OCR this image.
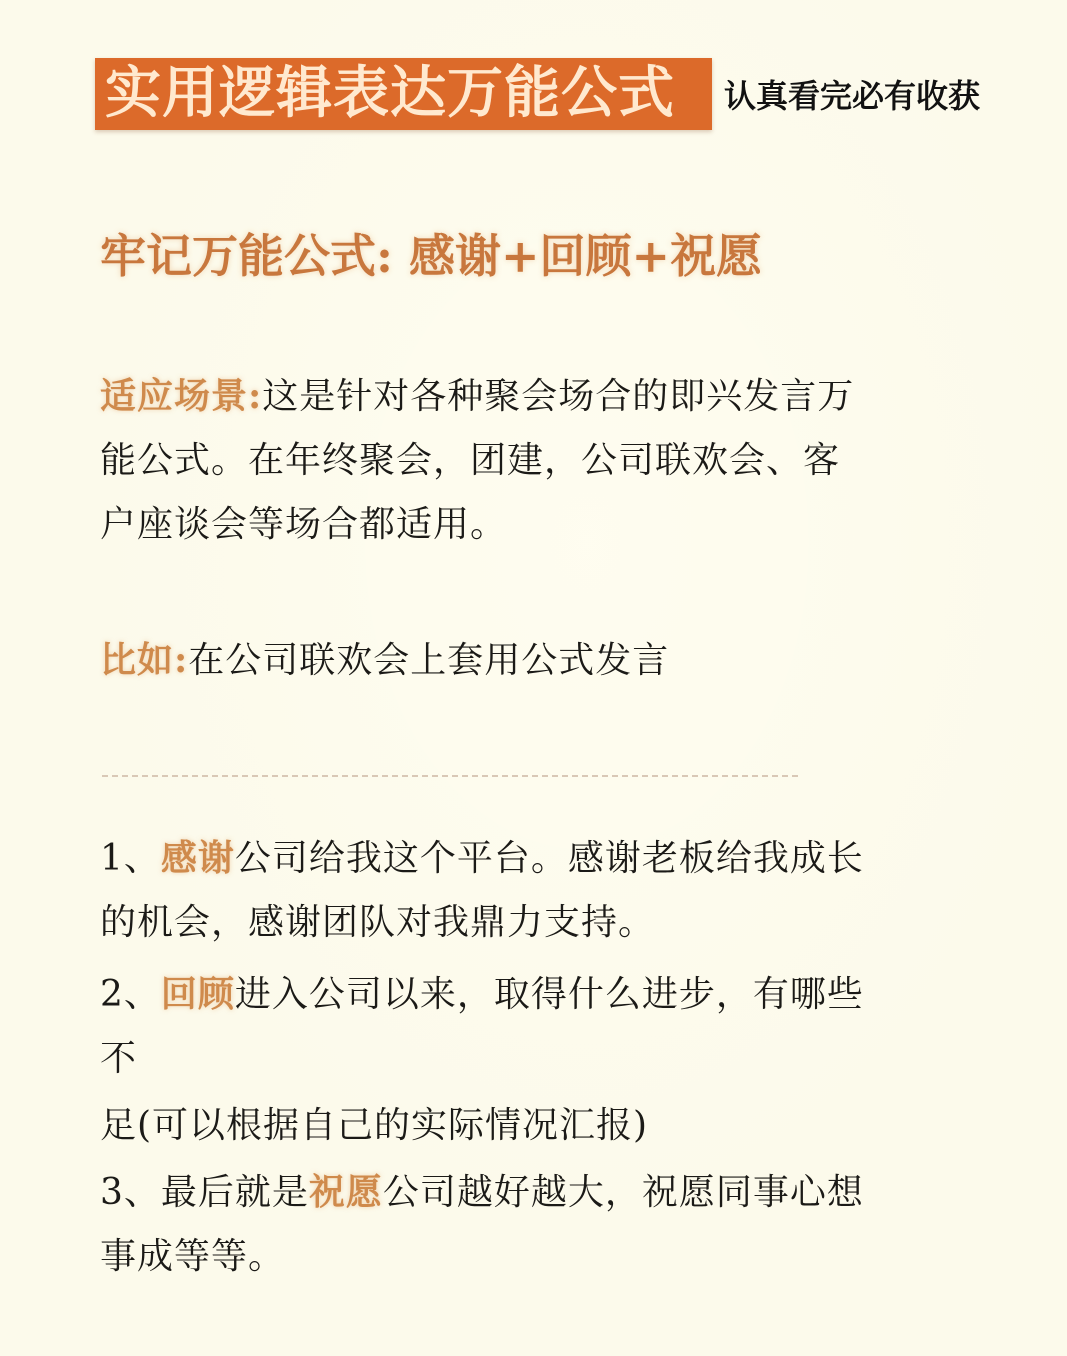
实用逻辑表达万能公式 认真看完必有收获
牢记万能公式: 感谢+回顾+祝愿
适应场景:这是针对各种聚会场合的即兴发言万
能公式。在年终聚会，团建，公司联欢会、客
户座谈会等场合都适用。
比如:在公司联欢会上套用公式发言
1、感谢公司给我这个平台。感谢老板给我成长
的机会，感谢团队对我鼎力支持。
2、回顾进入公司以来，取得什么进步，有哪些
不
足(可以根据自己的实际情况汇报)
3、最后就是祝愿公司越好越大，祝愿同事心想
事成等等。
